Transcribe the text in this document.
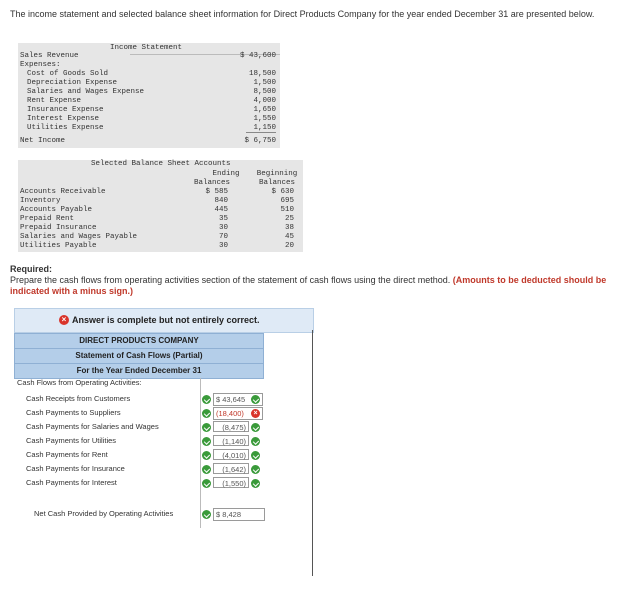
The income statement and selected balance sheet information for Direct Products Company for the year ended December 31 are presented below.
Income Statement
Sales Revenue	$ 43,600
Expenses:
Cost of Goods Sold	18,500
Depreciation Expense	1,500
Salaries and Wages Expense	8,500
Rent Expense	4,000
Insurance Expense	1,650
Interest Expense	1,550
Utilities Expense	1,150
Net Income	$ 6,750
Selected Balance Sheet Accounts
Ending
Balances
Beginning
Balances
Accounts Receivable	$ 585	$ 630
Inventory	840	695
Accounts Payable	445	510
Prepaid Rent	35	25
Prepaid Insurance	30	38
Salaries and Wages Payable	70	45
Utilities Payable	30	20
Required:
Prepare the cash flows from operating activities section of the statement of cash flows using the direct method. (Amounts to be deducted should be indicated with a minus sign.)
× Answer is complete but not entirely correct.
DIRECT PRODUCTS COMPANY
Statement of Cash Flows (Partial)
For the Year Ended December 31
Cash Flows from Operating Activities:
Cash Receipts from Customers	$ 43,645
Cash Payments to Suppliers	(18,400)	×
Cash Payments for Salaries and Wages	(8,475)
Cash Payments for Utilities	(1,140)
Cash Payments for Rent	(4,010)
Cash Payments for Insurance	(1,642)
Cash Payments for Interest	(1,550)
Net Cash Provided by Operating Activities	$ 8,428
